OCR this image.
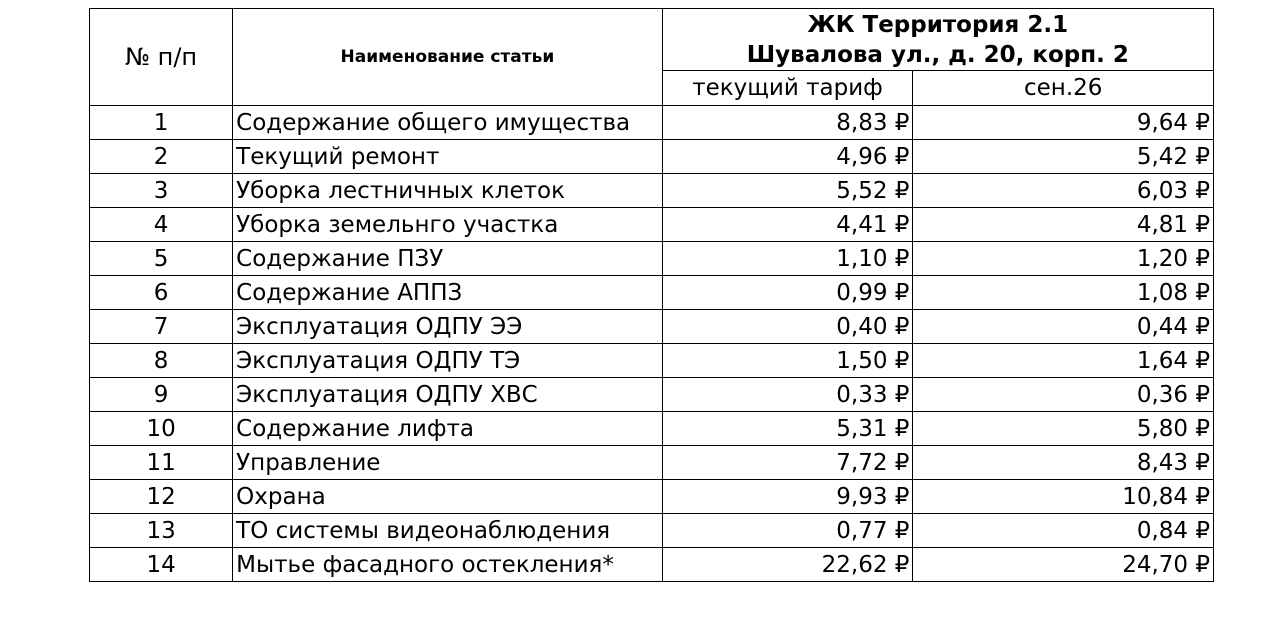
№ п/п	Наименование статьи	ЖК Территория 2.1
Шувалова ул., д. 20, корп. 2	

		текущий тариф	сен.26
1	Содержание общего имущества	8,83 ₽	9,64 ₽
2	Текущий ремонт	4,96 ₽	5,42 ₽
3	Уборка лестничных клеток	5,52 ₽	6,03 ₽
4	Уборка земельнго участка	4,41 ₽	4,81 ₽
5	Содержание ПЗУ	1,10 ₽	1,20 ₽
6	Содержание АППЗ	0,99 ₽	1,08 ₽
7	Эксплуатация ОДПУ ЭЭ	0,40 ₽	0,44 ₽
8	Эксплуатация ОДПУ ТЭ	1,50 ₽	1,64 ₽
9	Эксплуатация ОДПУ ХВС	0,33 ₽	0,36 ₽
10	Содержание лифта	5,31 ₽	5,80 ₽
11	Управление	7,72 ₽	8,43 ₽
12	Охрана	9,93 ₽	10,84 ₽
13	ТО системы видеонаблюдения	0,77 ₽	0,84 ₽
14	Мытье фасадного остекления*	22,62 ₽	24,70 ₽
